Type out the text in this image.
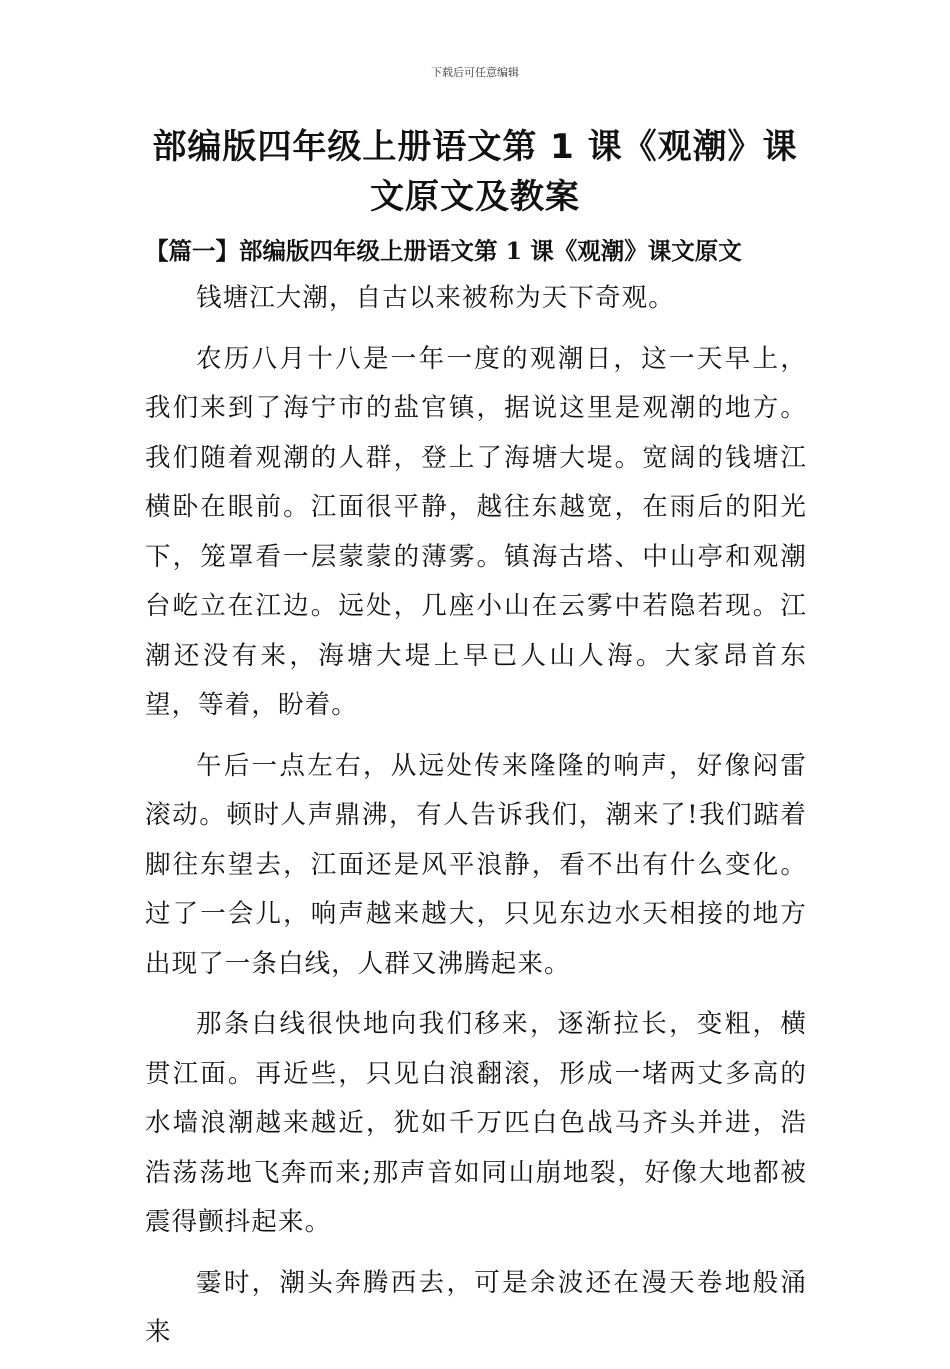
下载后可任意编辑
部编版四年级上册语文第 1 课《观潮》课文原文及教案
【篇一】部编版四年级上册语文第 1 课《观潮》课文原文

钱塘江大潮，自古以来被称为天下奇观。

农历八月十八是一年一度的观潮日，这一天早上，我们来到了海宁市的盐官镇，据说这里是观潮的地方。我们随着观潮的人群，登上了海塘大堤。宽阔的钱塘江横卧在眼前。江面很平静，越往东越宽，在雨后的阳光下，笼罩看一层蒙蒙的薄雾。镇海古塔、中山亭和观潮台屹立在江边。远处，几座小山在云雾中若隐若现。江潮还没有来，海塘大堤上早已人山人海。大家昂首东望，等着，盼着。

午后一点左右，从远处传来隆隆的响声，好像闷雷滚动。顿时人声鼎沸，有人告诉我们，潮来了!我们踮着脚往东望去，江面还是风平浪静，看不出有什么变化。过了一会儿，响声越来越大，只见东边水天相接的地方出现了一条白线，人群又沸腾起来。

那条白线很快地向我们移来，逐渐拉长，变粗，横贯江面。再近些，只见白浪翻滚，形成一堵两丈多高的水墙浪潮越来越近，犹如千万匹白色战马齐头并进，浩浩荡荡地飞奔而来;那声音如同山崩地裂，好像大地都被震得颤抖起来。

霎时，潮头奔腾西去，可是余波还在漫天卷地般涌来
